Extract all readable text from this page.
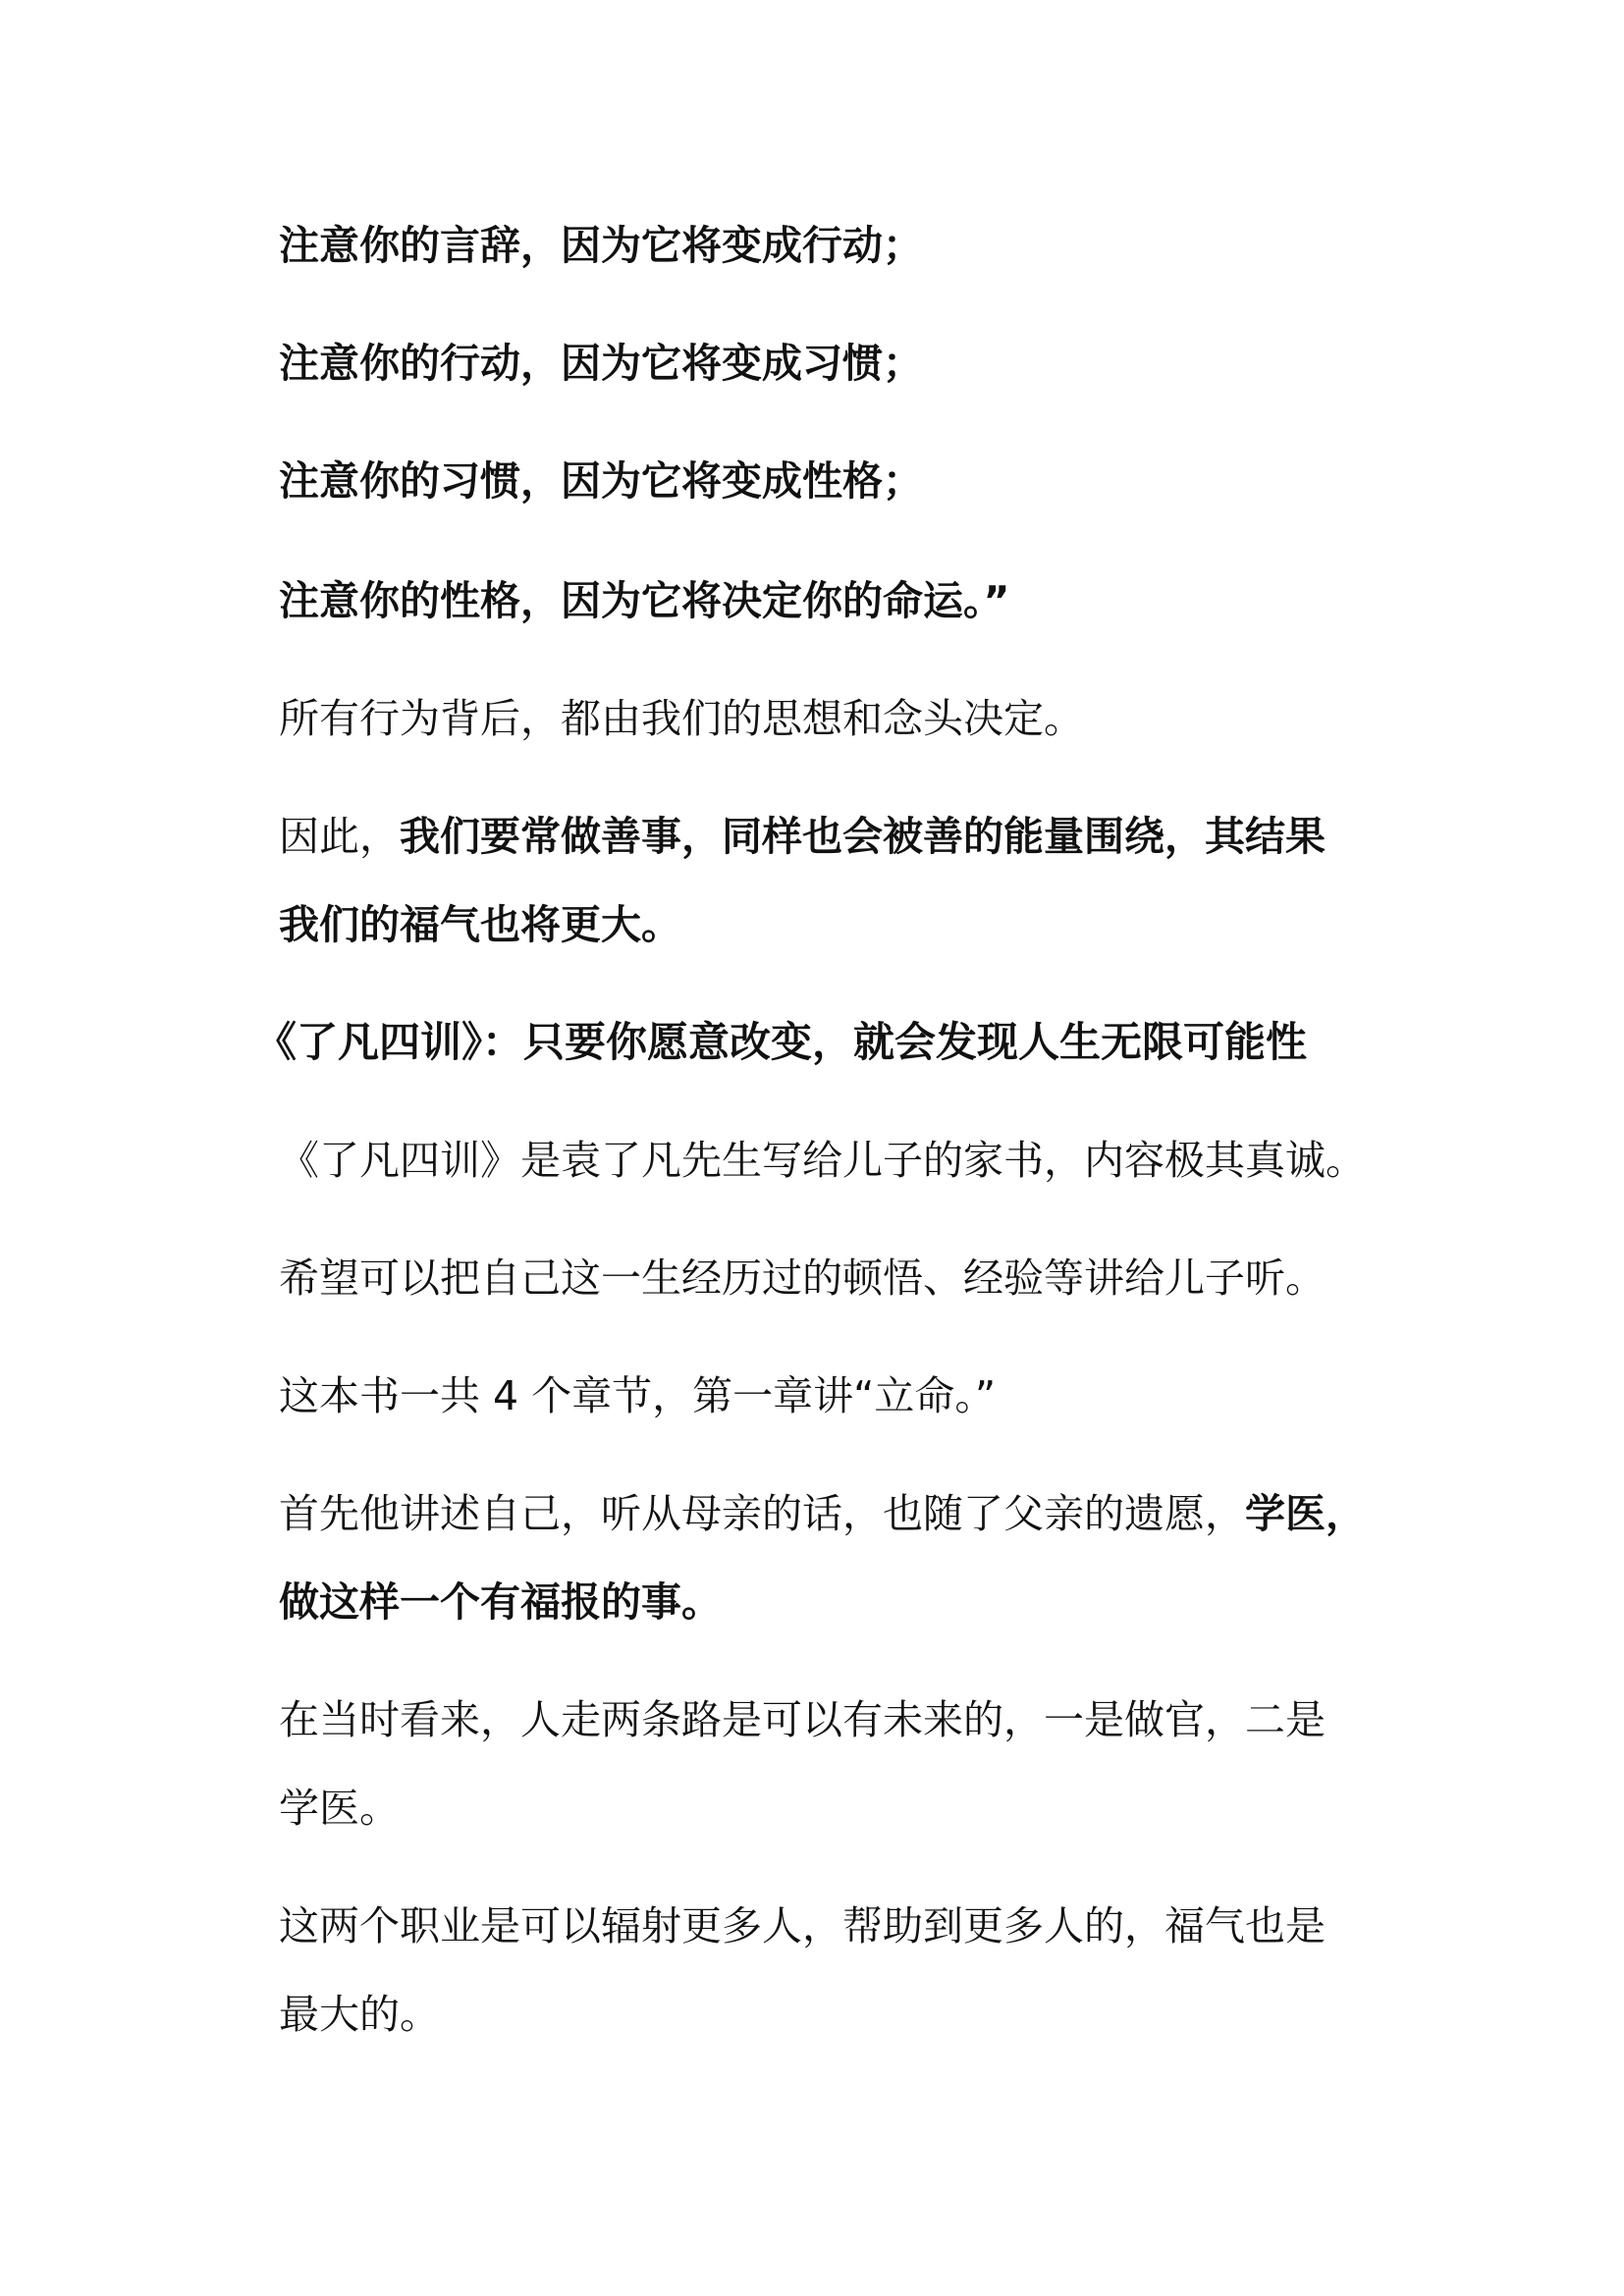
注意你的言辞，因为它将变成行动；
注意你的行动，因为它将变成习惯；
注意你的习惯，因为它将变成性格；
注意你的性格，因为它将决定你的命运。”
所有行为背后，都由我们的思想和念头决定。
因此，我们要常做善事，同样也会被善的能量围绕，其结果
我们的福气也将更大。
《了凡四训》：只要你愿意改变，就会发现人生无限可能性
《了凡四训》是袁了凡先生写给儿子的家书，内容极其真诚。
希望可以把自己这一生经历过的顿悟、经验等讲给儿子听。
这本书一共 4 个章节，第一章讲“立命。”
首先他讲述自己，听从母亲的话，也随了父亲的遗愿，学医，
做这样一个有福报的事。
在当时看来，人走两条路是可以有未来的，一是做官，二是
学医。
这两个职业是可以辐射更多人，帮助到更多人的，福气也是
最大的。
